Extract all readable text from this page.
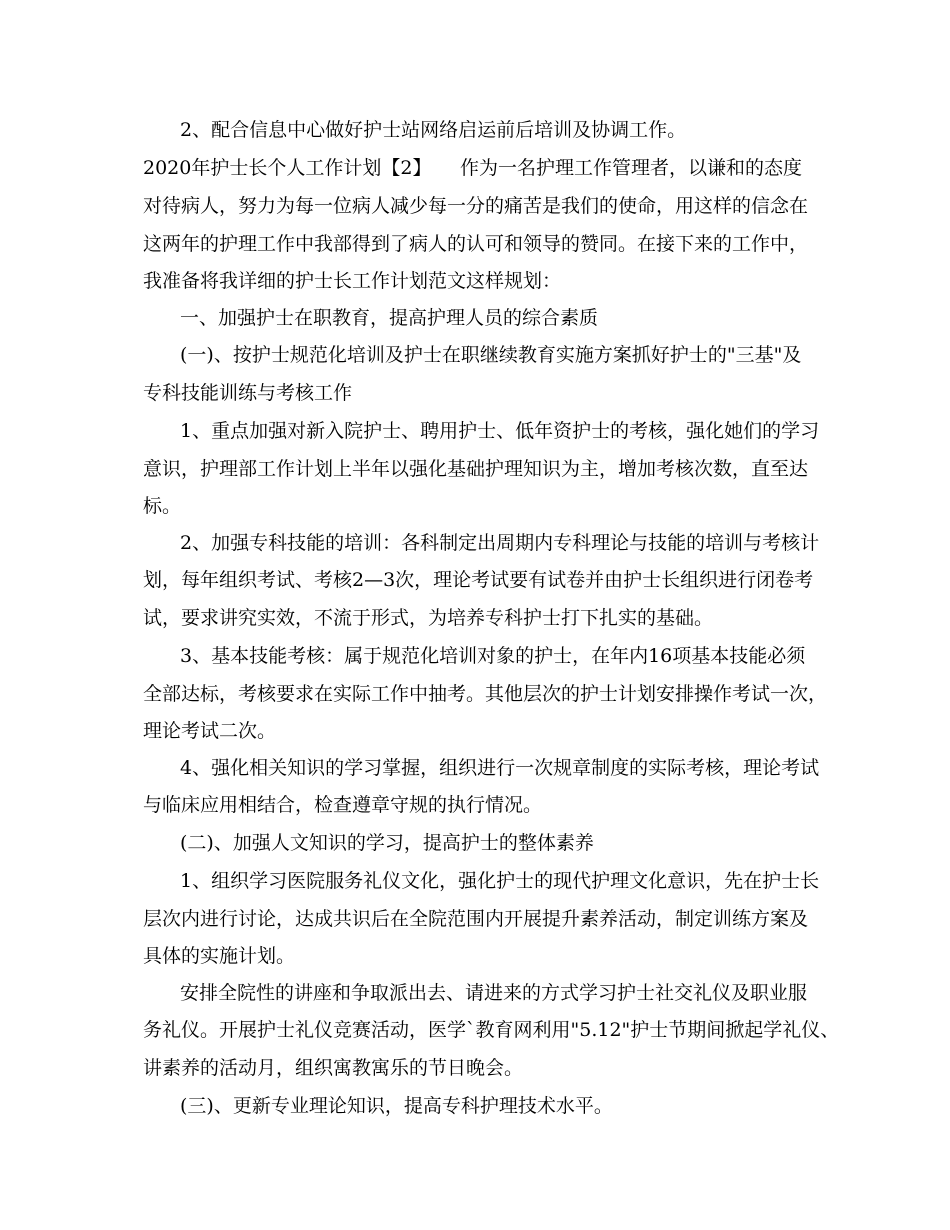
2、配合信息中心做好护士站网络启运前后培训及协调工作。
2020年护士长个人工作计划【2】　　作为一名护理工作管理者，以谦和的态度
对待病人，努力为每一位病人减少每一分的痛苦是我们的使命，用这样的信念在
这两年的护理工作中我部得到了病人的认可和领导的赞同。在接下来的工作中，
我准备将我详细的护士长工作计划范文这样规划：
一、加强护士在职教育，提高护理人员的综合素质
(一)、按护士规范化培训及护士在职继续教育实施方案抓好护士的"三基"及
专科技能训练与考核工作
1、重点加强对新入院护士、聘用护士、低年资护士的考核，强化她们的学习
意识，护理部工作计划上半年以强化基础护理知识为主，增加考核次数，直至达
标。
2、加强专科技能的培训：各科制定出周期内专科理论与技能的培训与考核计
划，每年组织考试、考核2—3次，理论考试要有试卷并由护士长组织进行闭卷考
试，要求讲究实效，不流于形式，为培养专科护士打下扎实的基础。
3、基本技能考核：属于规范化培训对象的护士，在年内16项基本技能必须
全部达标，考核要求在实际工作中抽考。其他层次的护士计划安排操作考试一次，
理论考试二次。
4、强化相关知识的学习掌握，组织进行一次规章制度的实际考核，理论考试
与临床应用相结合，检查遵章守规的执行情况。
(二)、加强人文知识的学习，提高护士的整体素养
1、组织学习医院服务礼仪文化，强化护士的现代护理文化意识，先在护士长
层次内进行讨论，达成共识后在全院范围内开展提升素养活动，制定训练方案及
具体的实施计划。
安排全院性的讲座和争取派出去、请进来的方式学习护士社交礼仪及职业服
务礼仪。开展护士礼仪竞赛活动，医学`教育网利用"5.12"护士节期间掀起学礼仪、
讲素养的活动月，组织寓教寓乐的节日晚会。
(三)、更新专业理论知识，提高专科护理技术水平。
